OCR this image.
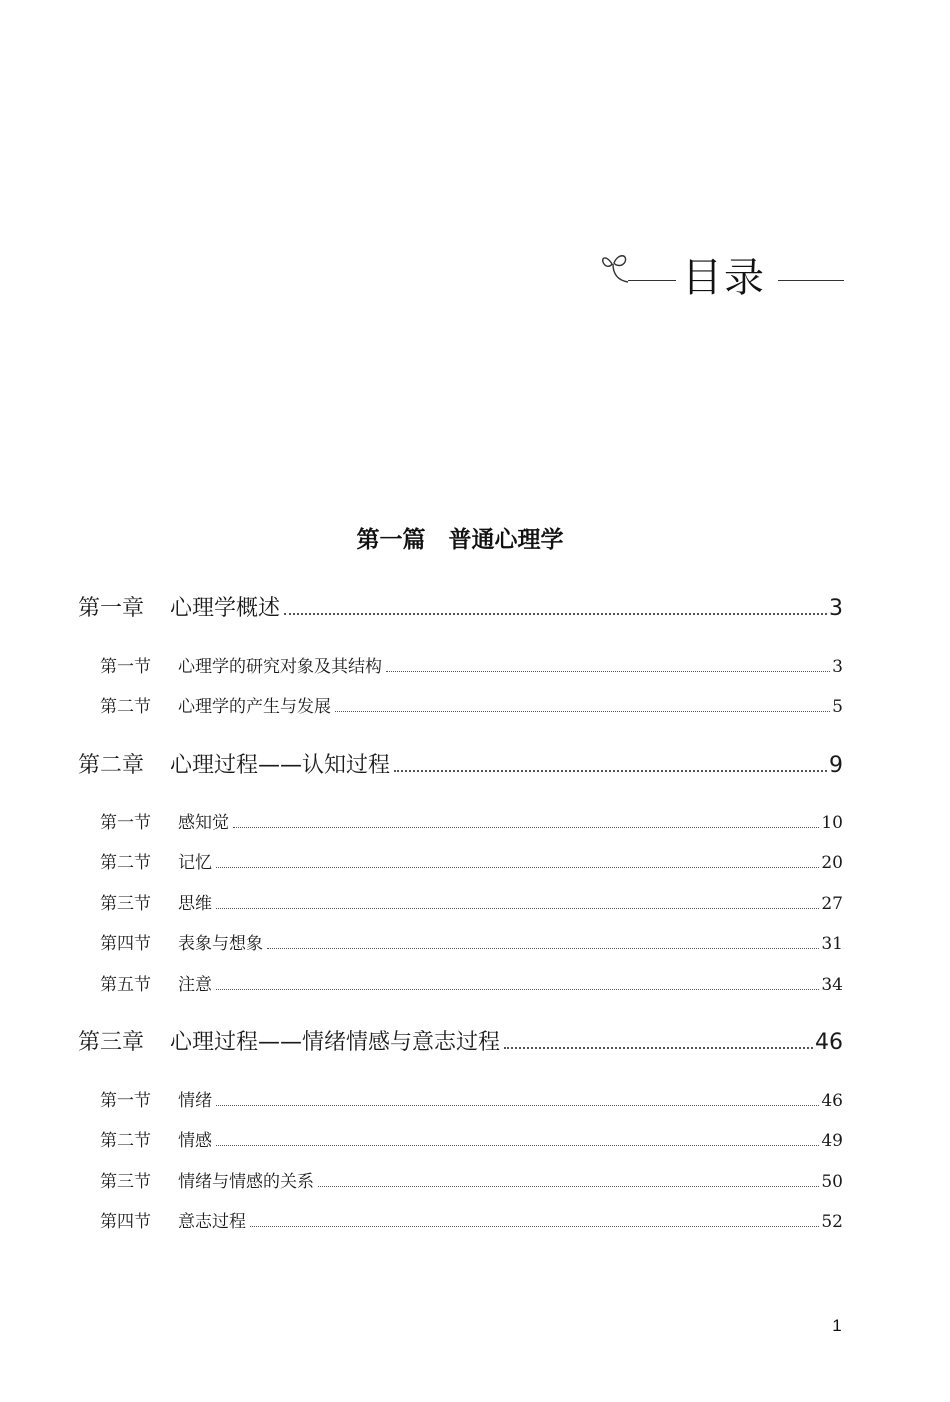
目录
第一篇　普通心理学
第一章	心理学概述	3
第一节	心理学的研究对象及其结构	3
第二节	心理学的产生与发展	5
第二章	心理过程——认知过程	9
第一节	感知觉	10
第二节	记忆	20
第三节	思维	27
第四节	表象与想象	31
第五节	注意	34
第三章	心理过程——情绪情感与意志过程	46
第一节	情绪	46
第二节	情感	49
第三节	情绪与情感的关系	50
第四节	意志过程	52
1
